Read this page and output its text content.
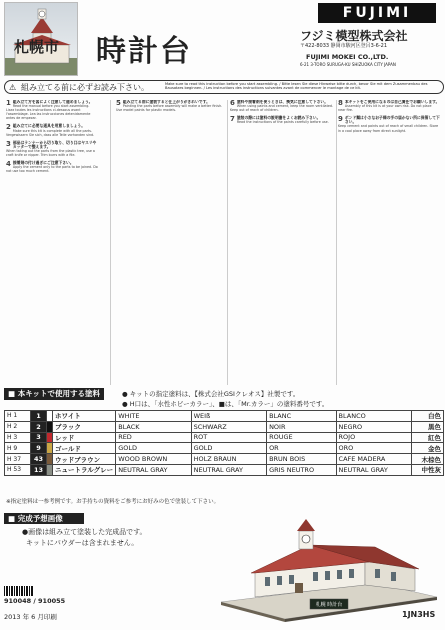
札幌市 時計台
FUJIMI
フジミ模型株式会社
〒422-8033 静岡市駿河区登呂3-6-21
FUJIMI MOKEI CO.,LTD.
6-21 3-TORO SURUGA-KU SHIZUOKA CITY JAPAN
⚠ 組み立てる前に必ずお読み下さい。	Make sure to read this instruction before you start assembling. / Bitte lesen Sie diese Hinweise bitte durch, bevor Sie mit dem Zusammenbau des Bausatzes beginnen. / Les instructions des instructions suivantes avant de commencer le montage de ce kit.
1 組み立て方を図によく注意して進めましょう。
Read the manual before you start assembling. Lisez toutes les instructions ci-dessous avant l'assemblage. Lea las instrucciones detenidamente antes de empezar.
2 組み立てに必要な道具を用意しましょう。
Make sure this kit is complete with all the parts. Vergewissern Sie sich, dass alle Teile vorhanden sind.
3 部品はランナーから切り取り、切り口はヤスリやカッターで整えます。
When taking out the parts from the plastic tree, use a craft knife or nipper. Trim burrs with a file.
4 接着剤の付け過ぎにご注意下さい。
Apply the cement only to the parts to be joined. Do not use too much cement.
5 組み立てる前に塗装すると仕上がりがきれいです。
Painting the parts before assembly will make a better finish. Use model paints for plastic models.
6 塗料や接着剤を使うときは、換気に注意して下さい。
When using paints and cement, keep the room ventilated. Keep out of reach of children.
7 塗装の際には塗料の説明書をよくお読み下さい。
Read the instructions of the paints carefully before use.
8 本キットをご使用になるのは自己責任でお願いします。
Assembly of this kit is at your own risk. Do not place near fire.
9 ボンド類は小さなお子様の手の届かない所に保管して下さい。
Keep cement and paints out of reach of small children. Store in a cool place away from direct sunlight.
■ 本キットで使用する塗料	● キットの指定塗料は、【株式会社GSIクレオス】社製です。
● H口は、「水性ホビーカラー」、■は、「Mr.カラー」の塗料番号です。
H 1	1		ホワイト	WHITE	WEIß	BLANC	BLANCO	白色
H 2	2		ブラック	BLACK	SCHWARZ	NOIR	NEGRO	黒色
H 3	3		レッド	RED	ROT	ROUGE	ROJO	紅色
H 9	9		ゴールド	GOLD	GOLD	OR	ORO	金色
H 37	43		ウッドブラウン	WOOD BROWN	HOLZ BRAUN	BRUN BOIS	CAFE MADERA	木棕色
H 53	13		ニュートラルグレー	NEUTRAL GRAY	NEUTRAL GRAY	GRIS NEUTRO	NEUTRAL GRAY	中性灰
※指定塗料は一参考例です。お手持ちの資料をご参考にお好みの色で塗装して下さい。
■ 完成予想画像
●画像は組み立て塗装した完成品です。
キットにパウダーは含まれません。
札幌 時計台
910048 / 910055
2013 年 6 月印刷	1JN3HS
